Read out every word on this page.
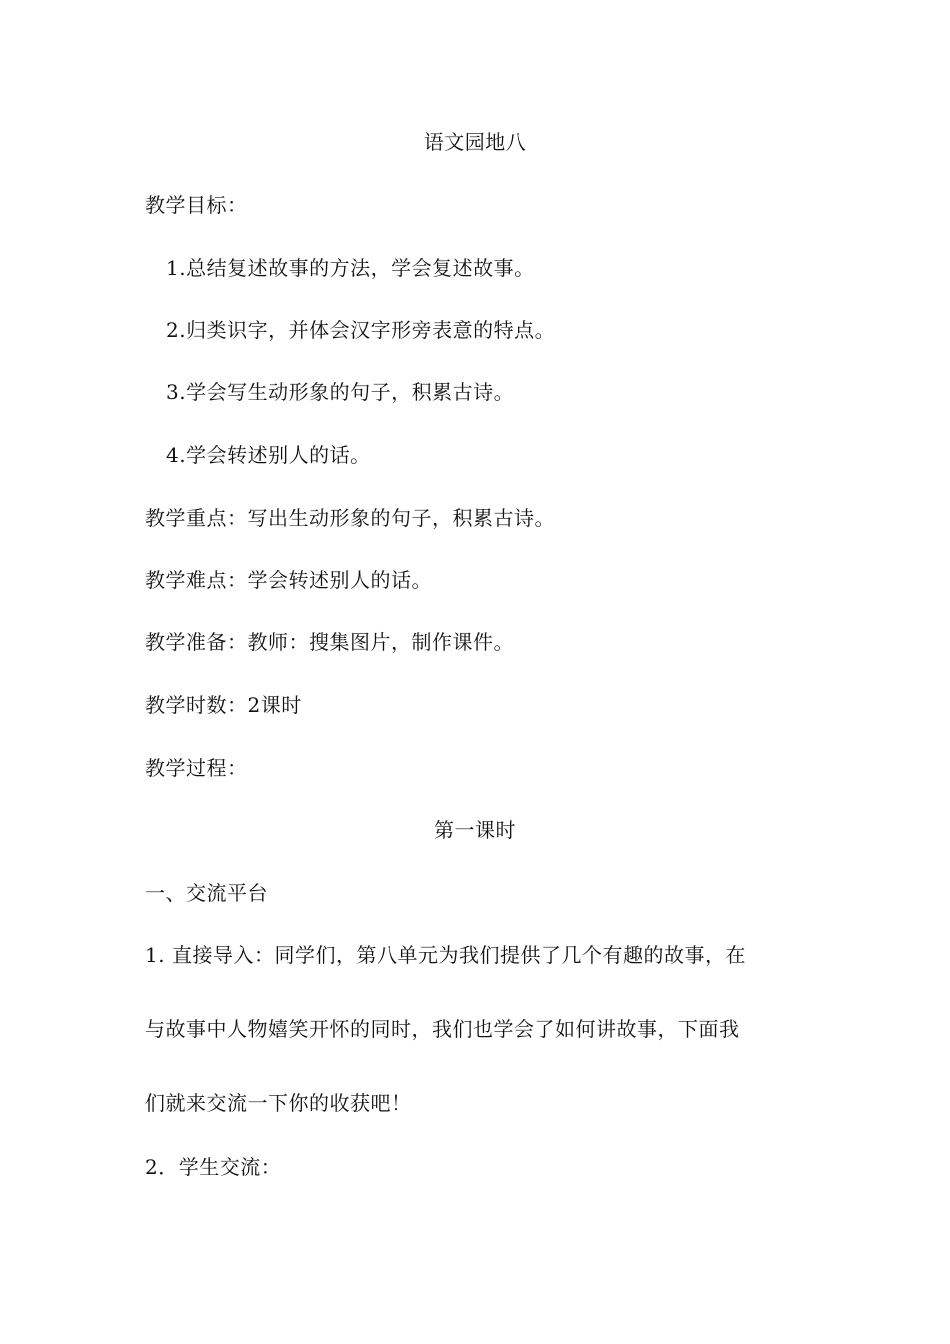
语文园地八
教学目标：
1.总结复述故事的方法，学会复述故事。
2.归类识字，并体会汉字形旁表意的特点。
3.学会写生动形象的句子，积累古诗。
4.学会转述别人的话。
教学重点：写出生动形象的句子，积累古诗。
教学难点：学会转述别人的话。
教学准备：教师：搜集图片，制作课件。
教学时数：2课时
教学过程：
第一课时
一、交流平台
1. 直接导入：同学们，第八单元为我们提供了几个有趣的故事，在
与故事中人物嬉笑开怀的同时，我们也学会了如何讲故事，下面我
们就来交流一下你的收获吧！
2．学生交流：
